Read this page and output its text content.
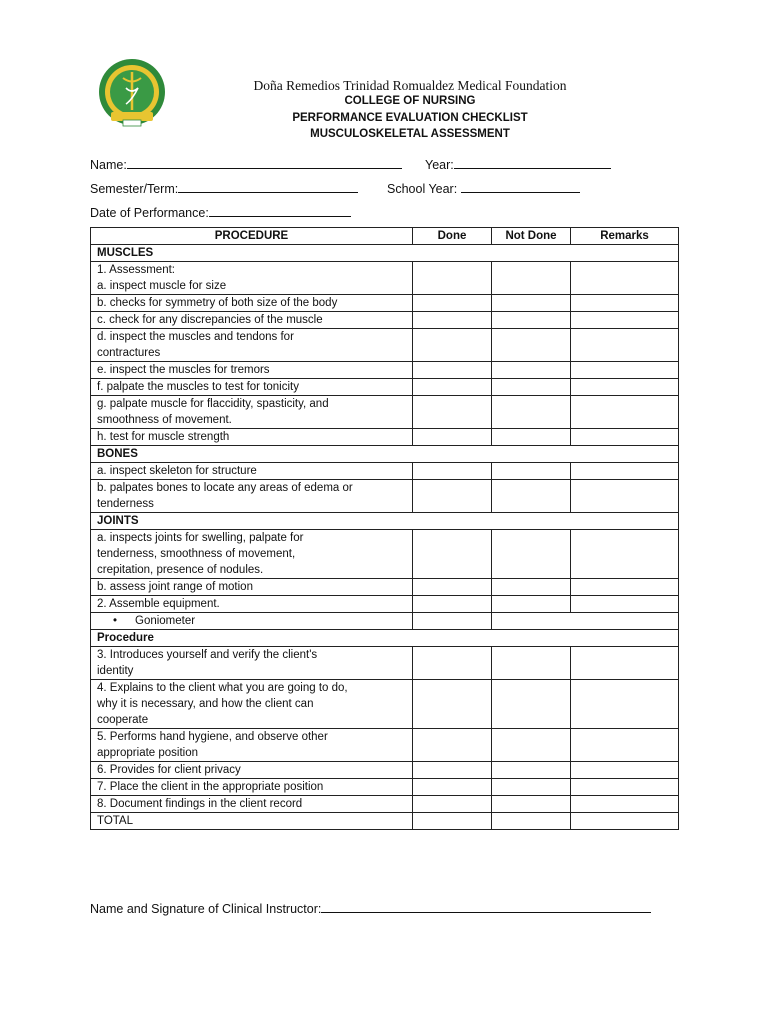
Doña Remedios Trinidad Romualdez Medical Foundation
COLLEGE OF NURSING
PERFORMANCE EVALUATION CHECKLIST
MUSCULOSKELETAL ASSESSMENT
Name:	Year:
Semester/Term:	School Year:
Date of Performance:
PROCEDURE	Done	Not Done	Remarks
MUSCLES			

1. Assessment:
a. inspect muscle for size			

b. checks for symmetry of both size of the body			

c. check for any discrepancies of the muscle			

d. inspect the muscles and tendons for
contractures			

e. inspect the muscles for tremors			

f. palpate the muscles to test for tonicity			

g. palpate muscle for flaccidity, spasticity, and
smoothness of movement.			

h. test for muscle strength			

BONES			

a. inspect skeleton for structure			

b. palpates bones to locate any areas of edema or
tenderness			

JOINTS			

a. inspects joints for swelling, palpate for
tenderness, smoothness of movement,
crepitation, presence of nodules.			

b. assess joint range of motion			

2. Assemble equipment.			

• Goniometer			
Procedure			

3. Introduces yourself and verify the client's
identity			

4. Explains to the client what you are going to do,
why it is necessary, and how the client can
cooperate			

5. Performs hand hygiene, and observe other
appropriate position			

6. Provides for client privacy			

7. Place the client in the appropriate position			

8. Document findings in the client record			

TOTAL			

Name and Signature of Clinical Instructor:
